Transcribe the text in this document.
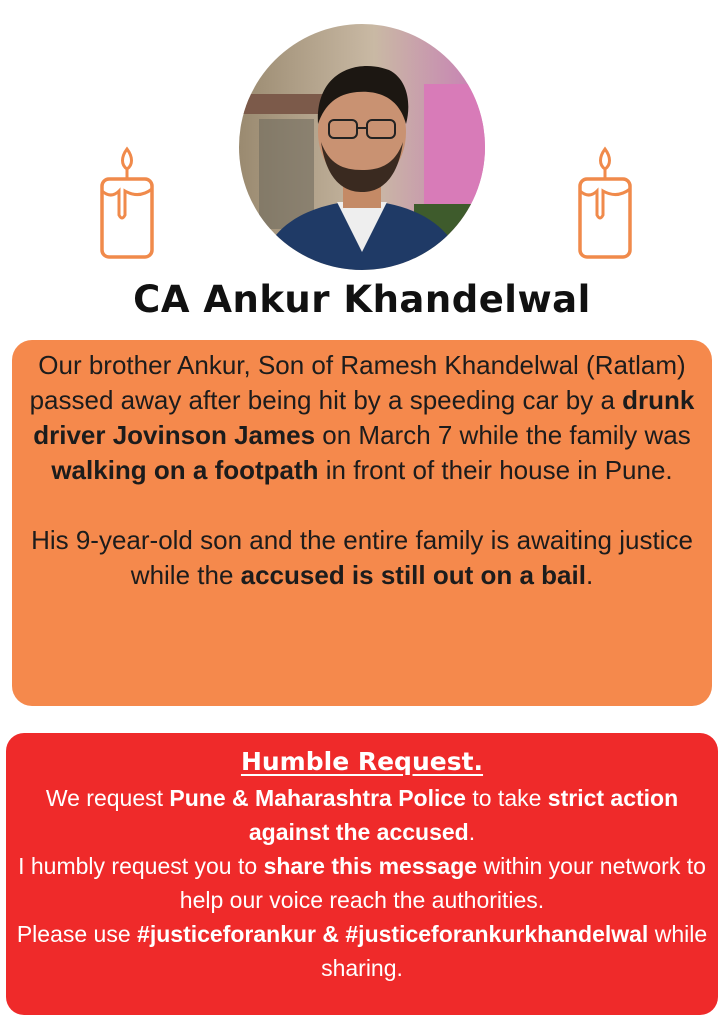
CA Ankur Khandelwal

Our brother Ankur, Son of Ramesh Khandelwal (Ratlam) passed away after being hit by a speeding car by a drunk driver Jovinson James on March 7 while the family was walking on a footpath in front of their house in Pune.

His 9-year-old son and the entire family is awaiting justice while the accused is still out on a bail.

Humble Request.

We request Pune & Maharashtra Police to take strict action against the accused.

I humbly request you to share this message within your network to help our voice reach the authorities.

Please use #justiceforankur & #justiceforankurkhandelwal while sharing.
